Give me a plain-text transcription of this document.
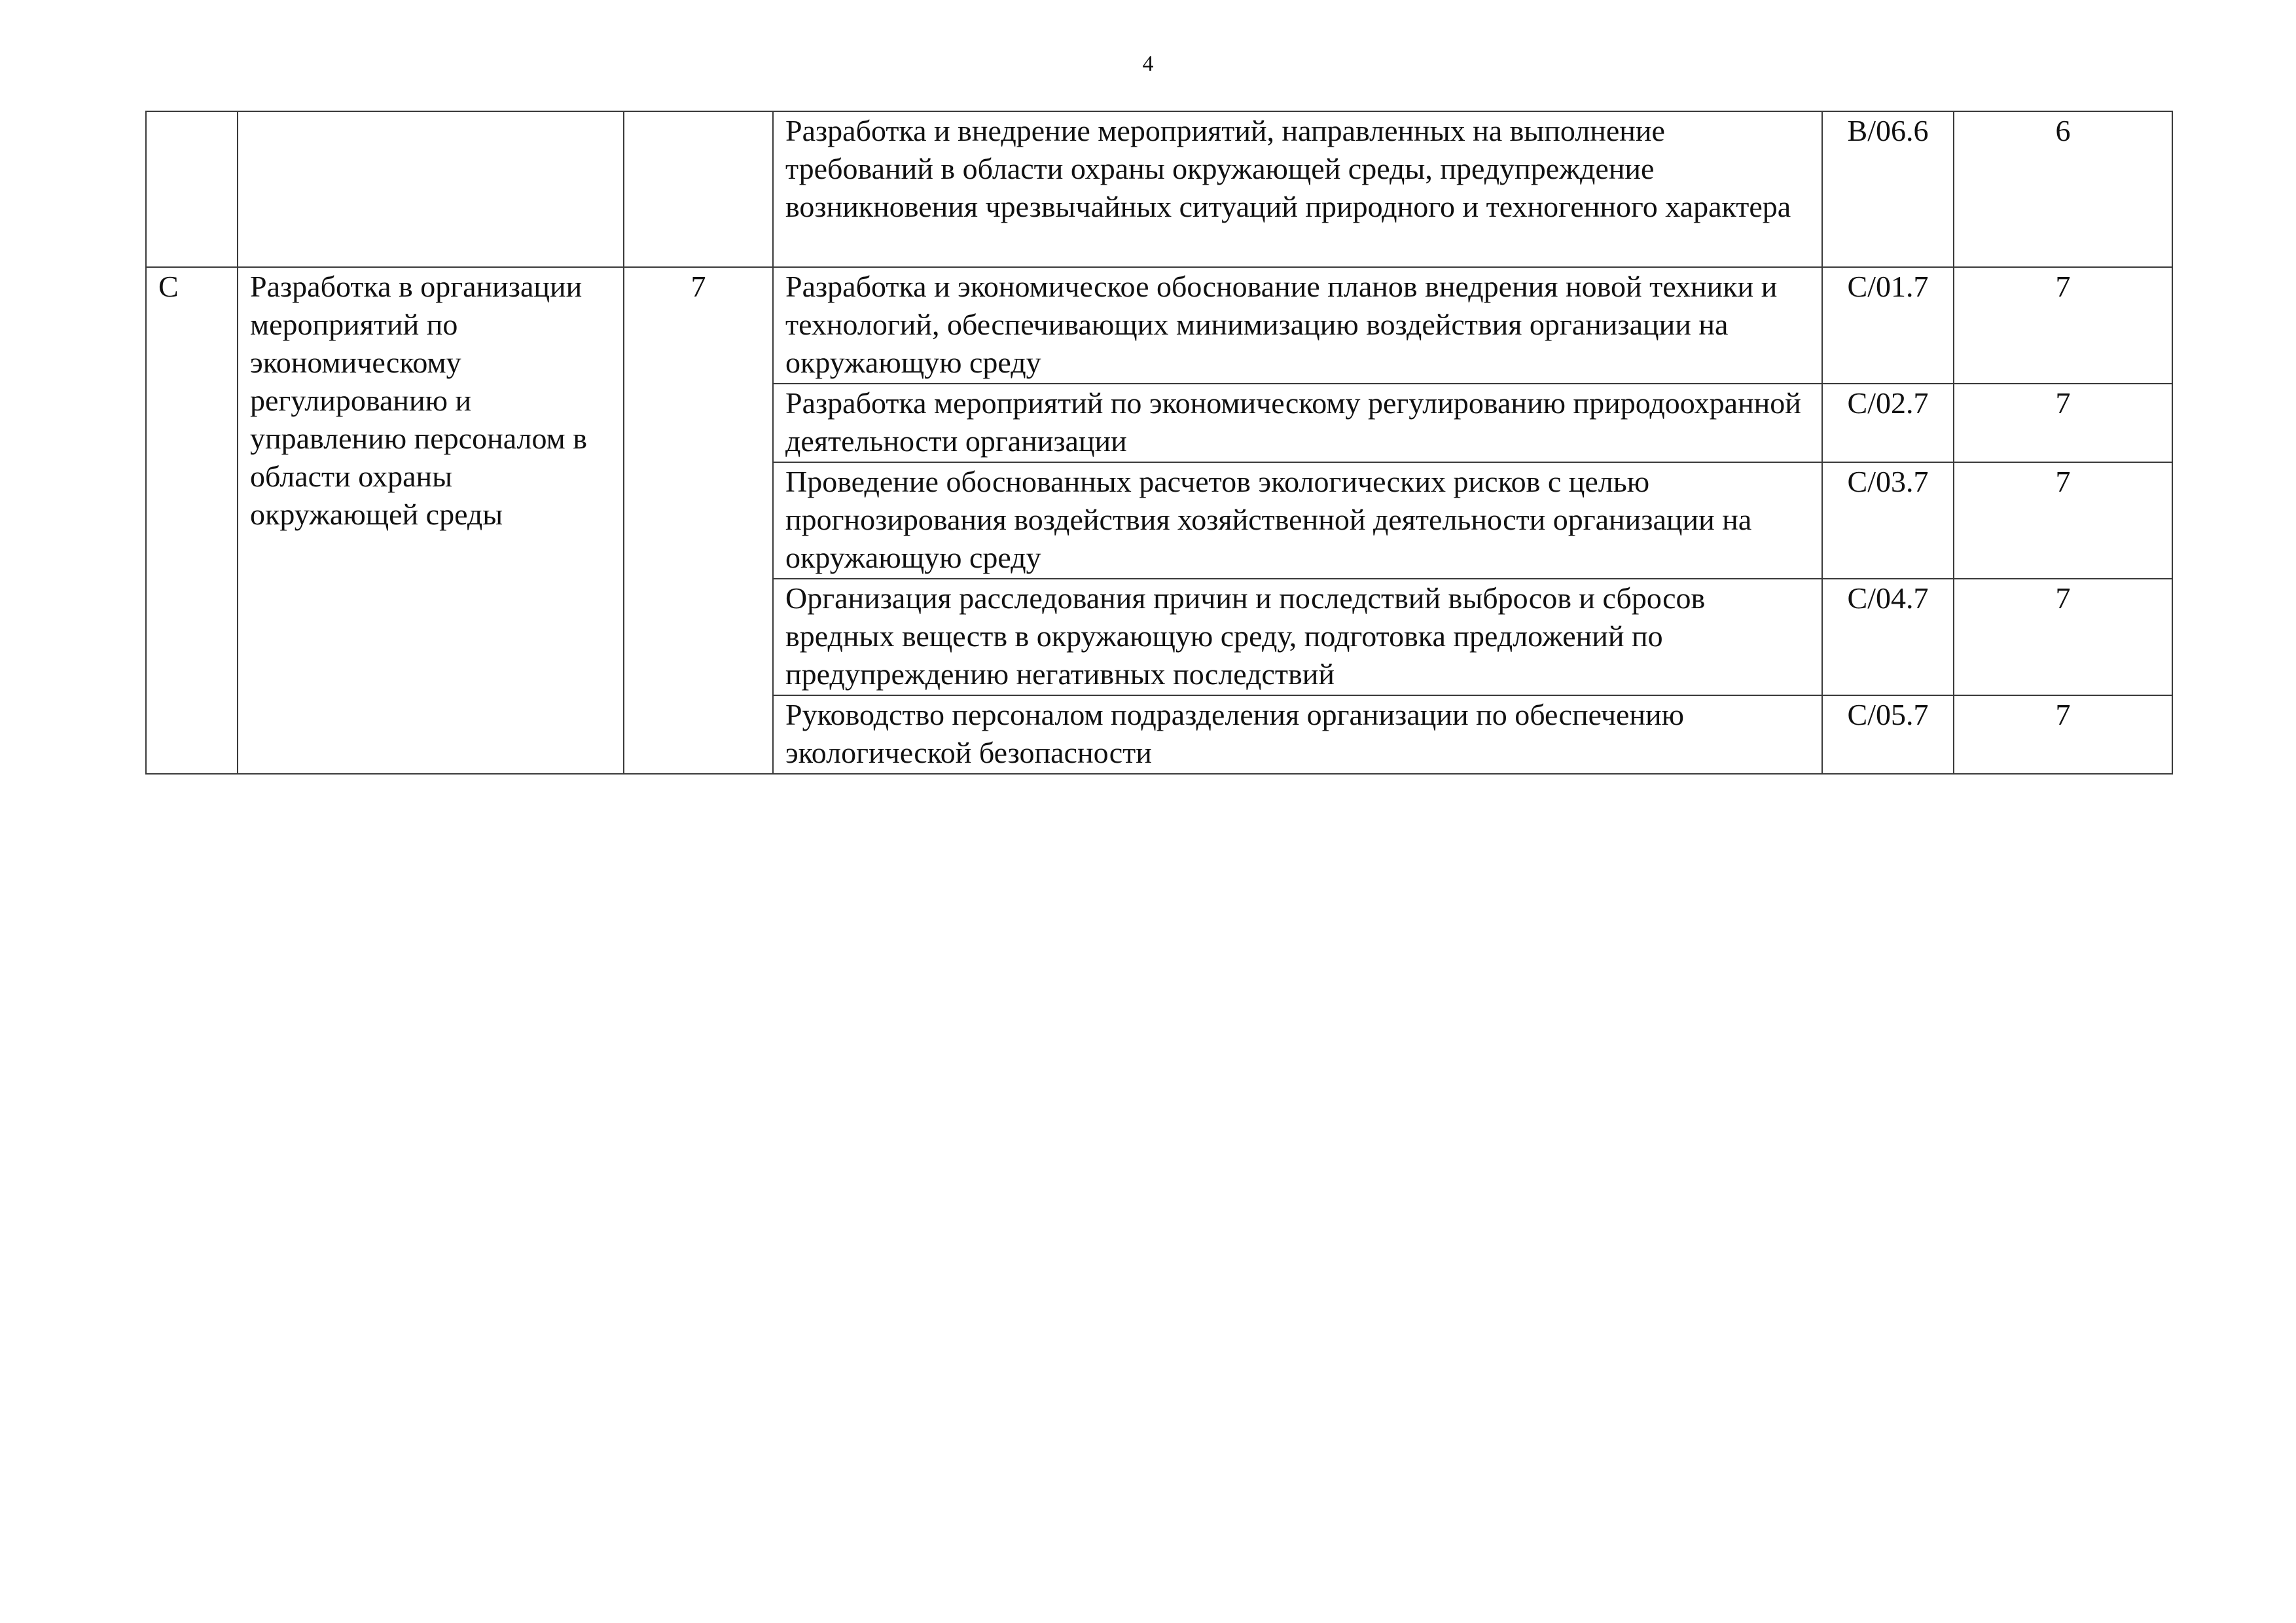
4
			Разработка и внедрение мероприятий, направленных на выполнение требований в области охраны окружающей среды, предупреждение возникновения чрезвычайных ситуаций природного и техногенного характера	B/06.6	6
C	Разработка в организации мероприятий по экономическому регулированию и управлению персоналом в области охраны окружающей среды	7	Разработка и экономическое обоснование планов внедрения новой техники и технологий, обеспечивающих минимизацию воздействия организации на окружающую среду	C/01.7	7
			Разработка мероприятий по экономическому регулированию природоохранной деятельности организации	C/02.7	7
			Проведение обоснованных расчетов экологических рисков с целью прогнозирования воздействия хозяйственной деятельности организации на окружающую среду	C/03.7	7
			Организация расследования причин и последствий выбросов и сбросов вредных веществ в окружающую среду, подготовка предложений по предупреждению негативных последствий	C/04.7	7
			Руководство персоналом подразделения организации по обеспечению экологической безопасности	C/05.7	7
